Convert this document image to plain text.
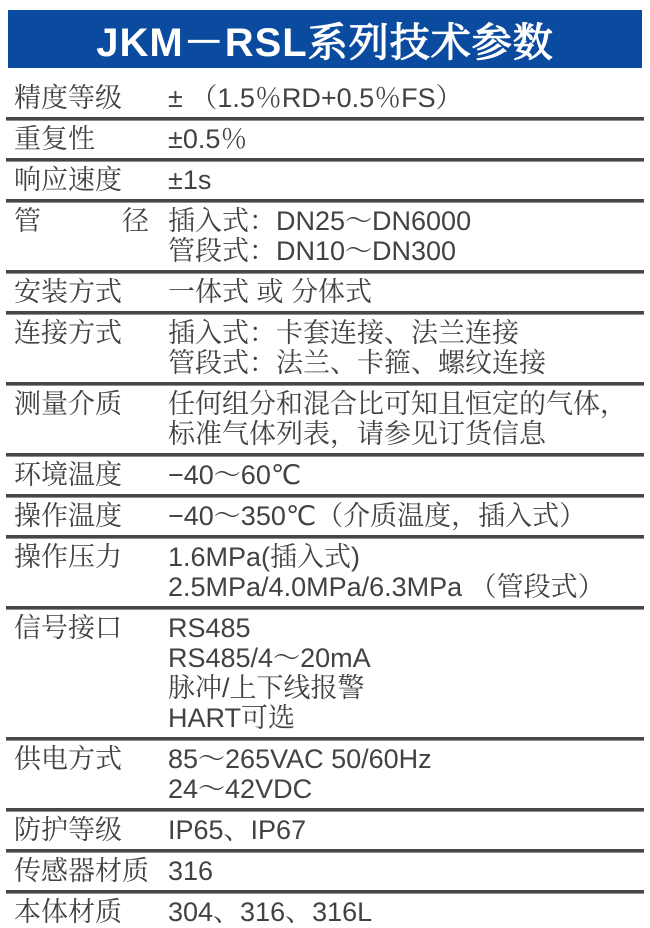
JKM－RSL系列技术参数
精度等级	± （1.5％RD+0.5％FS）
重复性	±0.5％
响应速度	±1s
管　　　径 插入式：DN25～DN6000
管段式：DN10～DN300
安装方式	一体式 或 分体式
连接方式	插入式：卡套连接、法兰连接
管段式：法兰、卡箍、螺纹连接
测量介质	任何组分和混合比可知且恒定的气体，
标准气体列表，请参见订货信息
环境温度	−40～60℃
操作温度	−40～350℃（介质温度，插入式）
操作压力	1.6MPa(插入式)
2.5MPa/4.0MPa/6.3MPa （管段式）
信号接口	RS485
RS485/4～20mA
脉冲/上下线报警
HART可选
供电方式	85～265VAC 50/60Hz
24～42VDC
防护等级	IP65、IP67
传感器材质 316
本体材质	304、316、316L
